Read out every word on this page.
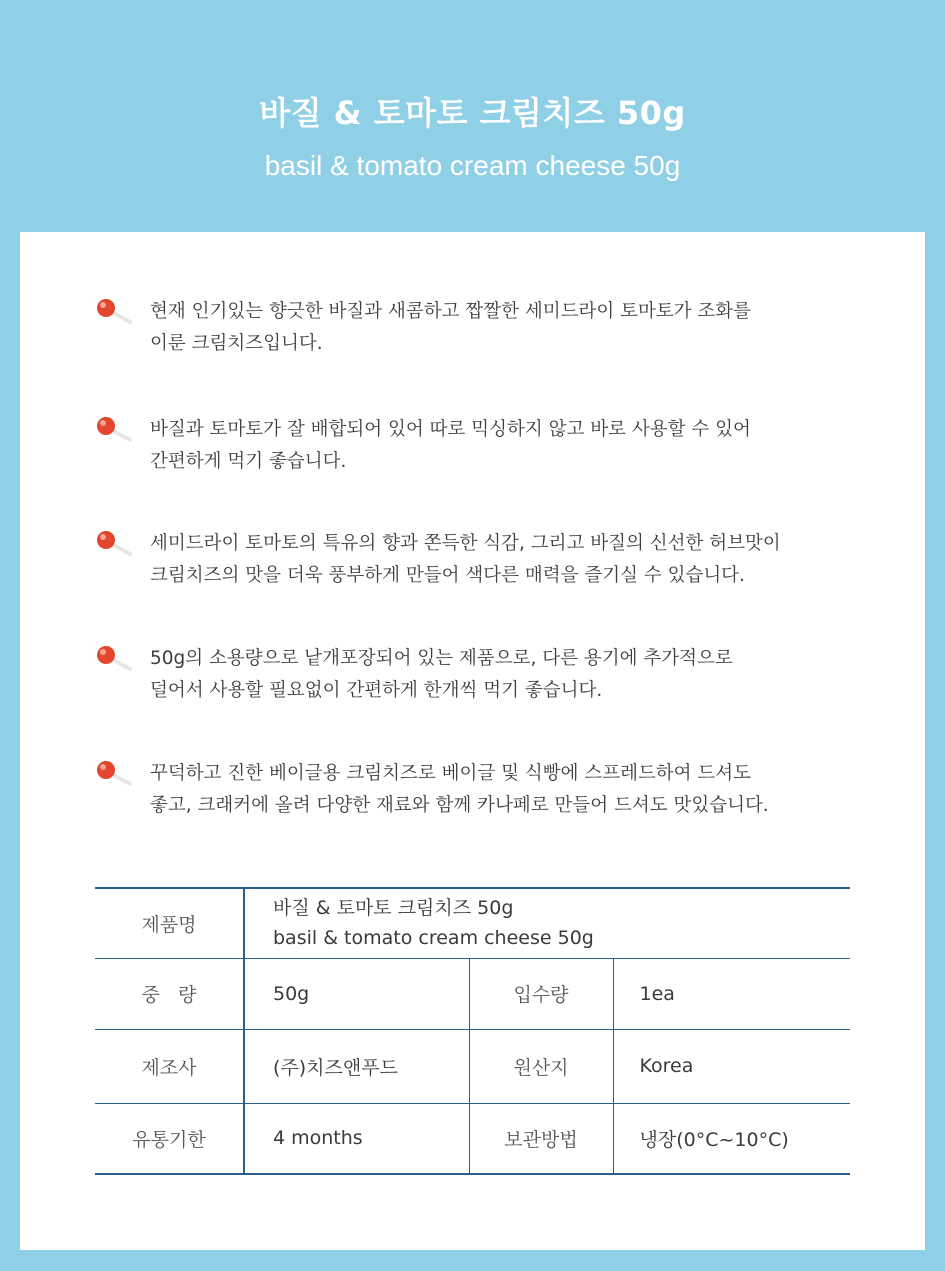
바질 & 토마토 크림치즈 50g
basil & tomato cream cheese 50g
현재 인기있는 향긋한 바질과 새콤하고 짭짤한 세미드라이 토마토가 조화를
이룬 크림치즈입니다.
바질과 토마토가 잘 배합되어 있어 따로 믹싱하지 않고 바로 사용할 수 있어
간편하게 먹기 좋습니다.
세미드라이 토마토의 특유의 향과 쫀득한 식감, 그리고 바질의 신선한 허브맛이
크림치즈의 맛을 더욱 풍부하게 만들어 색다른 매력을 즐기실 수 있습니다.
50g의 소용량으로 낱개포장되어 있는 제품으로, 다른 용기에 추가적으로
덜어서 사용할 필요없이 간편하게 한개씩 먹기 좋습니다.
꾸덕하고 진한 베이글용 크림치즈로 베이글 및 식빵에 스프레드하여 드셔도
좋고, 크래커에 올려 다양한 재료와 함께 카나페로 만들어 드셔도 맛있습니다.
제품명	바질 & 토마토 크림치즈 50g
basil & tomato cream cheese 50g		

중   량	50g	입수량	1ea
제조사	(주)치즈앤푸드	원산지	Korea
유통기한	4 months	보관방법	냉장(0°C~10°C)
